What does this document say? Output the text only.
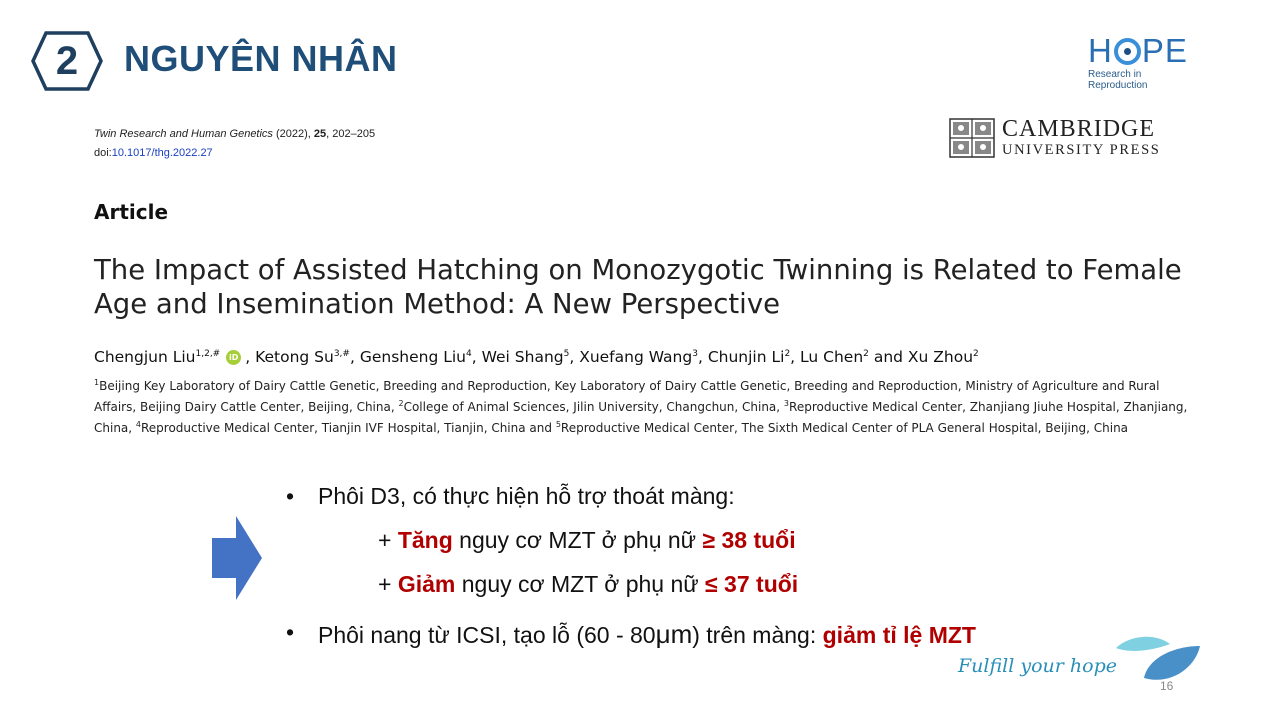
2	NGUYÊN NHÂN	H PE
Research in Reproduction
Twin Research and Human Genetics (2022), 25, 202–205
doi:10.1017/thg.2022.27
CAMBRIDGE
UNIVERSITY PRESS
Article
The Impact of Assisted Hatching on Monozygotic Twinning is Related to Female Age and Insemination Method: A New Perspective
Chengjun Liu$^{1,2,\#}$ iD , Ketong $Su^{3,\#}$, Gensheng Liu$^4$, Wei Shang$^5$, Xuefang Wang$^3$, Chunjin Li$^2$, Lu Chen$^2$ and Xu Zhou$^2$
$^1$Beijing Key Laboratory of Dairy Cattle Genetic, Breeding and Reproduction, Key Laboratory of Dairy Cattle Genetic, Breeding and Reproduction, Ministry of Agriculture and Rural Affairs, Beijing Dairy Cattle Center, Beijing, China, $^2$College of Animal Sciences, Jilin University, Changchun, China, $^3$Reproductive Medical Center, Zhanjiang Jiuhe Hospital, Zhanjiang, China, $^4$Reproductive Medical Center, Tianjin IVF Hospital, Tianjin, China and $^5$Reproductive Medical Center, The Sixth Medical Center of PLA General Hospital, Beijing, China
• Phôi D3, có thực hiện hỗ trợ thoát màng:
+ Tăng nguy cơ MZT ở phụ nữ ≥ 38 tuổi
+ Giảm nguy cơ MZT ở phụ nữ ≤ 37 tuổi
• Phôi nang từ ICSI, tạo lỗ (60 - 80μm) trên màng: giảm tỉ lệ MZT
Fulfill your hope
16
